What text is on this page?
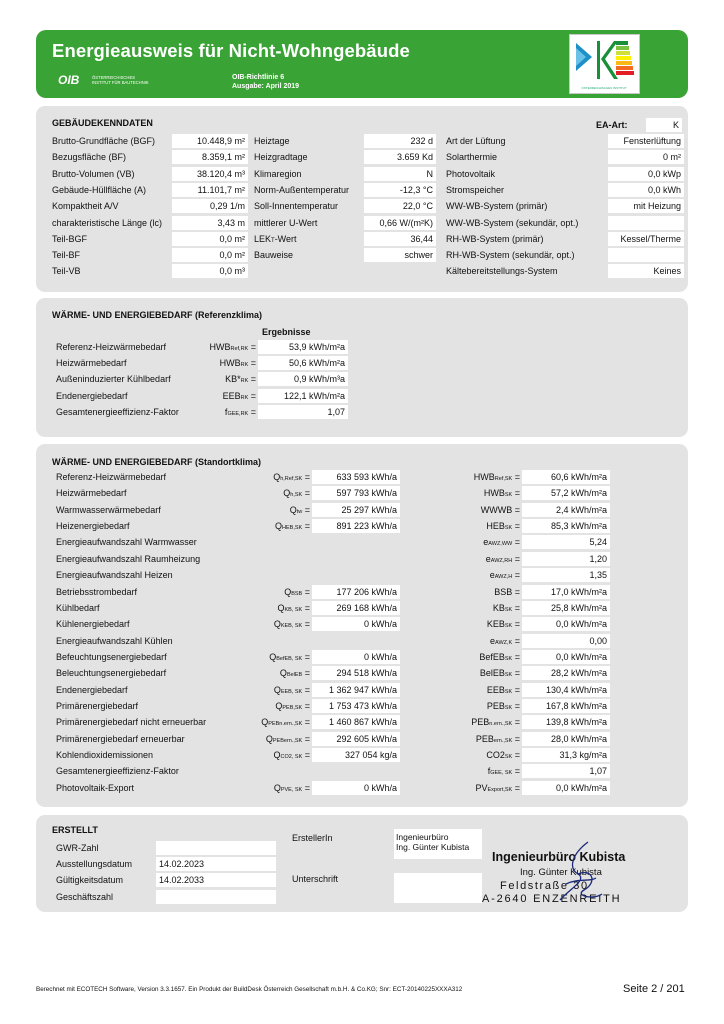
Energieausweis für Nicht-Wohngebäude
OIB	ÖSTERREICHISCHES
INSTITUT FÜR BAUTECHNIK
OIB-Richtlinie 6
Ausgabe: April 2019	ÖSTERREICHISCHES INSTITUT
GEBÄUDEKENNDATEN	EA-Art:	K
Brutto-Grundfläche (BGF)	10.448,9 m²
Bezugsfläche (BF)	8.359,1 m²
Brutto-Volumen (VB)	38.120,4 m³
Gebäude-Hüllfläche (A)	11.101,7 m²
Kompaktheit A/V	0,29 1/m
charakteristische Länge (lc)	3,43 m
Teil-BGF	0,0 m²
Teil-BF	0,0 m²
Teil-VB	0,0 m³
Heiztage	232 d
Heizgradtage	3.659 Kd
Klimaregion	N
Norm-Außentemperatur	-12,3 °C
Soll-Innentemperatur	22,0 °C
mittlerer U-Wert	0,66 W/(m²K)
LEKT-Wert	36,44
Bauweise	schwer
Art der Lüftung	Fensterlüftung
Solarthermie	0 m²
Photovoltaik	0,0 kWp
Stromspeicher	0,0 kWh
WW-WB-System (primär)	mit Heizung
WW-WB-System (sekundär, opt.)
RH-WB-System (primär)	Kessel/Therme
RH-WB-System (sekundär, opt.)
Kältebereitstellungs-System	Keines
WÄRME- UND ENERGIEBEDARF (Referenzklima)
Ergebnisse
Referenz-Heizwärmebedarf	HWBRef,RK =	53,9 kWh/m²a
Heizwärmebedarf	HWBRK =	50,6 kWh/m²a
Außeninduzierter Kühlbedarf	KB*RK =	0,9 kWh/m³a
Endenergiebedarf	EEBRK =	122,1 kWh/m²a
Gesamtenergieeffizienz-Faktor	fGEE,RK =	1,07
WÄRME- UND ENERGIEBEDARF (Standortklima)
Referenz-Heizwärmebedarf	Qh,Ref,SK =	633 593 kWh/a	HWBRef,SK =	60,6 kWh/m²a
Heizwärmebedarf	Qh,SK =	597 793 kWh/a	HWBSK =	57,2 kWh/m²a
Warmwasserwärmebedarf	Qtw =	25 297 kWh/a	WWWB =	2,4 kWh/m²a
Heizenergiebedarf	QHEB,SK =	891 223 kWh/a	HEBSK =	85,3 kWh/m²a
Energieaufwandszahl Warmwasser	eAWZ,WW =	5,24
Energieaufwandszahl Raumheizung	eAWZ,RH =	1,20
Energieaufwandszahl Heizen	eAWZ,H =	1,35
Betriebsstrombedarf	QBSB =	177 206 kWh/a	BSB =	17,0 kWh/m²a
Kühlbedarf	QKB, SK =	269 168 kWh/a	KBSK =	25,8 kWh/m²a
Kühlenergiebedarf	QKEB, SK =	0 kWh/a	KEBSK =	0,0 kWh/m²a
Energieaufwandszahl Kühlen	eAWZ,K =	0,00
Befeuchtungsenergiebedarf	QBefEB, SK =	0 kWh/a	BefEBSK =	0,0 kWh/m²a
Beleuchtungsenergiebedarf	QBelEB =	294 518 kWh/a	BelEBSK =	28,2 kWh/m²a
Endenergiebedarf	QEEB, SK =	1 362 947 kWh/a	EEBSK =	130,4 kWh/m²a
Primärenergiebedarf	QPEB,SK =	1 753 473 kWh/a	PEBSK =	167,8 kWh/m²a
Primärenergiebedarf nicht erneuerbar	QPEBn.ern.,SK =	1 460 867 kWh/a	PEBn.ern.,SK =	139,8 kWh/m²a
Primärenergiebedarf erneuerbar	QPEBern.,SK =	292 605 kWh/a	PEBern.,SK =	28,0 kWh/m²a
Kohlendioxidemissionen	QCO2, SK =	327 054 kg/a	CO2SK =	31,3 kg/m²a
Gesamtenergieeffizienz-Faktor	fGEE, SK =	1,07
Photovoltaik-Export	QPVE, SK =	0 kWh/a	PVExport,SK =	0,0 kWh/m²a
ERSTELLT
GWR-Zahl
Ausstellungsdatum	14.02.2023
Gültigkeitsdatum	14.02.2033
Geschäftszahl
ErstellerIn
Unterschrift
Ingenieurbüro
Ing. Günter Kubista
Ingenieurbüro Kubista
Ing. Günter Kubista
Feldstraße 30
A-2640 ENZENREITH
Berechnet mit ECOTECH Software, Version 3.3.1657. Ein Produkt der BuildDesk Österreich Gesellschaft m.b.H. & Co.KG; Snr: ECT-20140225XXXA312	Seite 2 / 201
